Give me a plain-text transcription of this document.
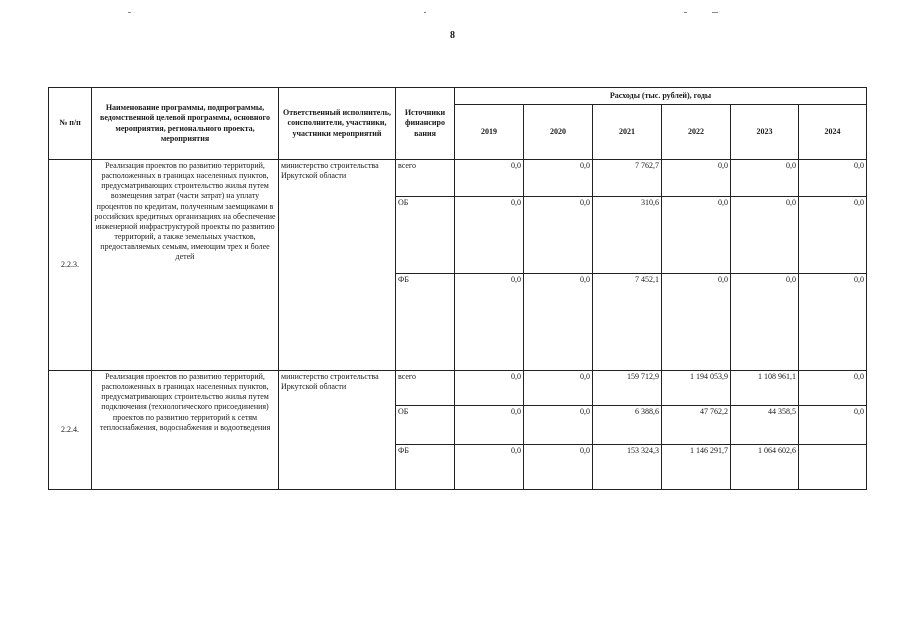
8
№ п/п	Наименование программы, подпрограммы, ведомственной целевой программы, основного мероприятия, регионального проекта, мероприятия	Ответственный исполнитель, соисполнители, участники, участники мероприятий	Источники финансиро вания	Расходы (тыс. рублей), годы					
				2019	2020	2021	2022	2023	2024
2.2.3.	Реализация проектов по развитию территорий, расположенных в границах населенных пунктов, предусматривающих строительство жилья путем возмещения затрат (части затрат) на уплату процентов по кредитам, полученным заемщиками в российских кредитных организациях на обеспечение инженерной инфраструктурой проекты по развитию территорий, а также земельных участков, предоставляемых семьям, имеющим трех и более детей	министерство строительства Иркутской области	всего	0,0	0,0	7 762,7	0,0	0,0	0,0
			ОБ	0,0	0,0	310,6	0,0	0,0	0,0
			ФБ	0,0	0,0	7 452,1	0,0	0,0	0,0
2.2.4.	Реализация проектов по развитию территорий, расположенных в границах населенных пунктов, предусматривающих строительство жилья путем подключения (технологического присоединения) проектов по развитию территорий к сетям теплоснабжения, водоснабжения и водоотведения	министерство строительства Иркутской области	всего	0,0	0,0	159 712,9	1 194 053,9	1 108 961,1	0,0
			ОБ	0,0	0,0	6 388,6	47 762,2	44 358,5	0,0
			ФБ	0,0	0,0	153 324,3	1 146 291,7	1 064 602,6	
